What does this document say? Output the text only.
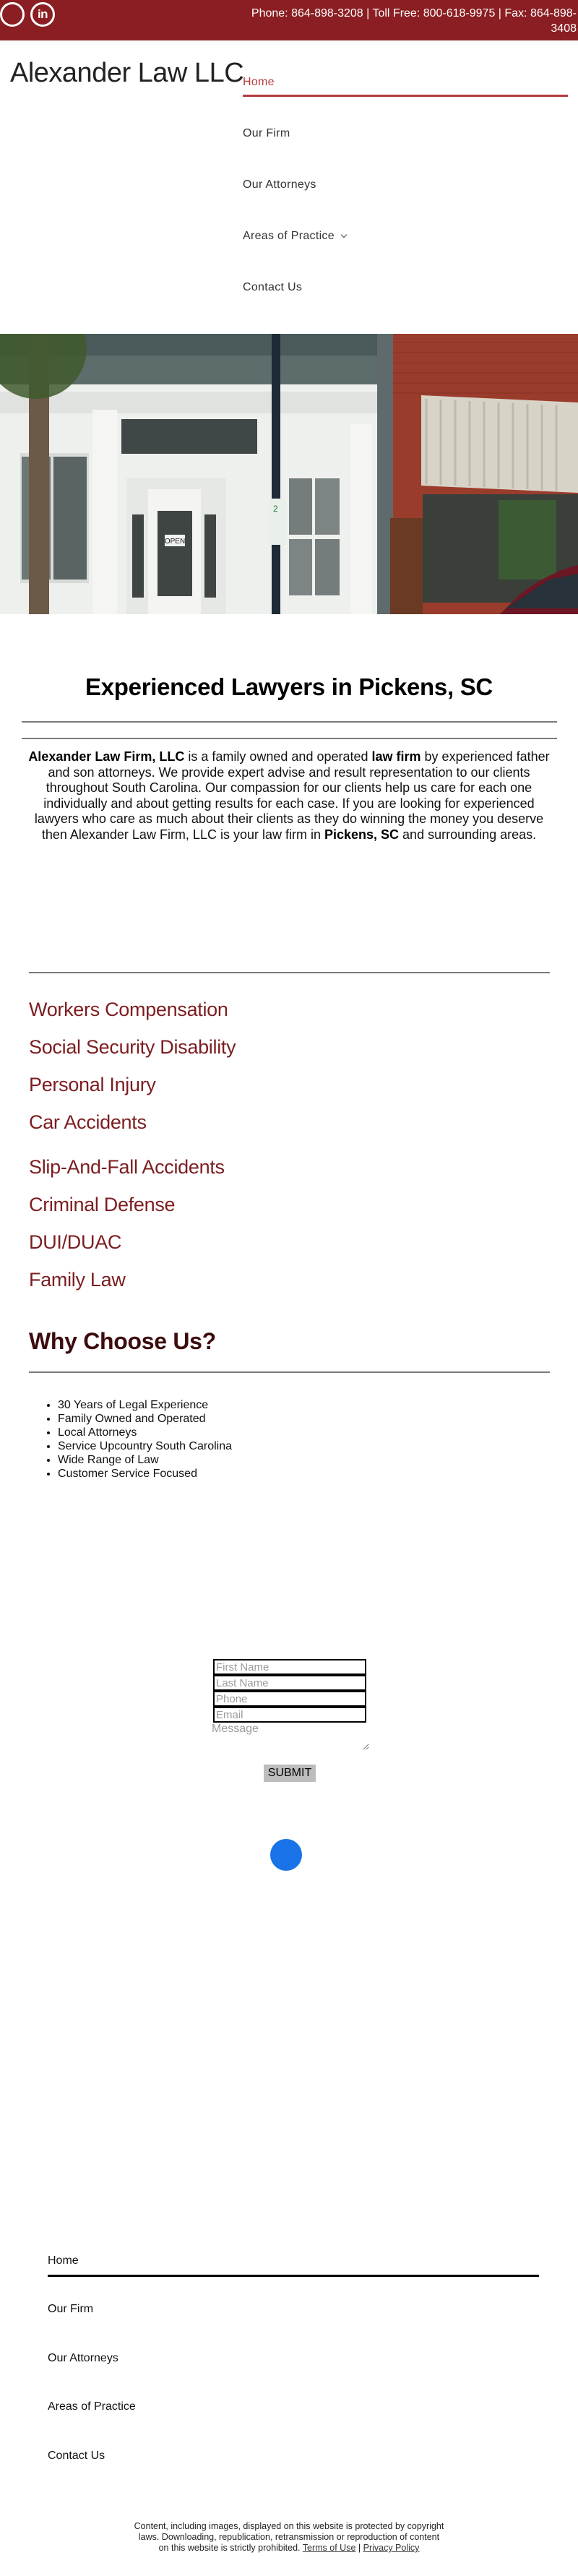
in	Phone: 864-898-3208 | Toll Free: 800-618-9975 | Fax: 864-898-3408
Alexander Law LLC
Home
Our Firm
Our Attorneys
Areas of Practice
Contact Us
OPEN
2
Experienced Lawyers in Pickens, SC

Alexander Law Firm, LLC is a family owned and operated law firm by experienced father and son attorneys. We provide expert advise and result representation to our clients throughout South Carolina. Our compassion for our clients help us care for each one individually and about getting results for each case. If you are looking for experienced lawyers who care as much about their clients as they do winning the money you deserve then Alexander Law Firm, LLC is your law firm in Pickens, SC and surrounding areas.

Workers Compensation
Social Security Disability
Personal Injury
Car Accidents
Slip-And-Fall Accidents
Criminal Defense
DUI/DUAC
Family Law
Why Choose Us?
• 30 Years of Legal Experience
• Family Owned and Operated
• Local Attorneys
• Service Upcountry South Carolina
• Wide Range of Law
• Customer Service Focused
First Name
Last Name
Phone
Email
Message
SUBMIT
Home
Our Firm
Our Attorneys
Areas of Practice
Contact Us

Content, including images, displayed on this website is protected by copyright laws. Downloading, republication, retransmission or reproduction of content on this website is strictly prohibited. Terms of Use | Privacy Policy
